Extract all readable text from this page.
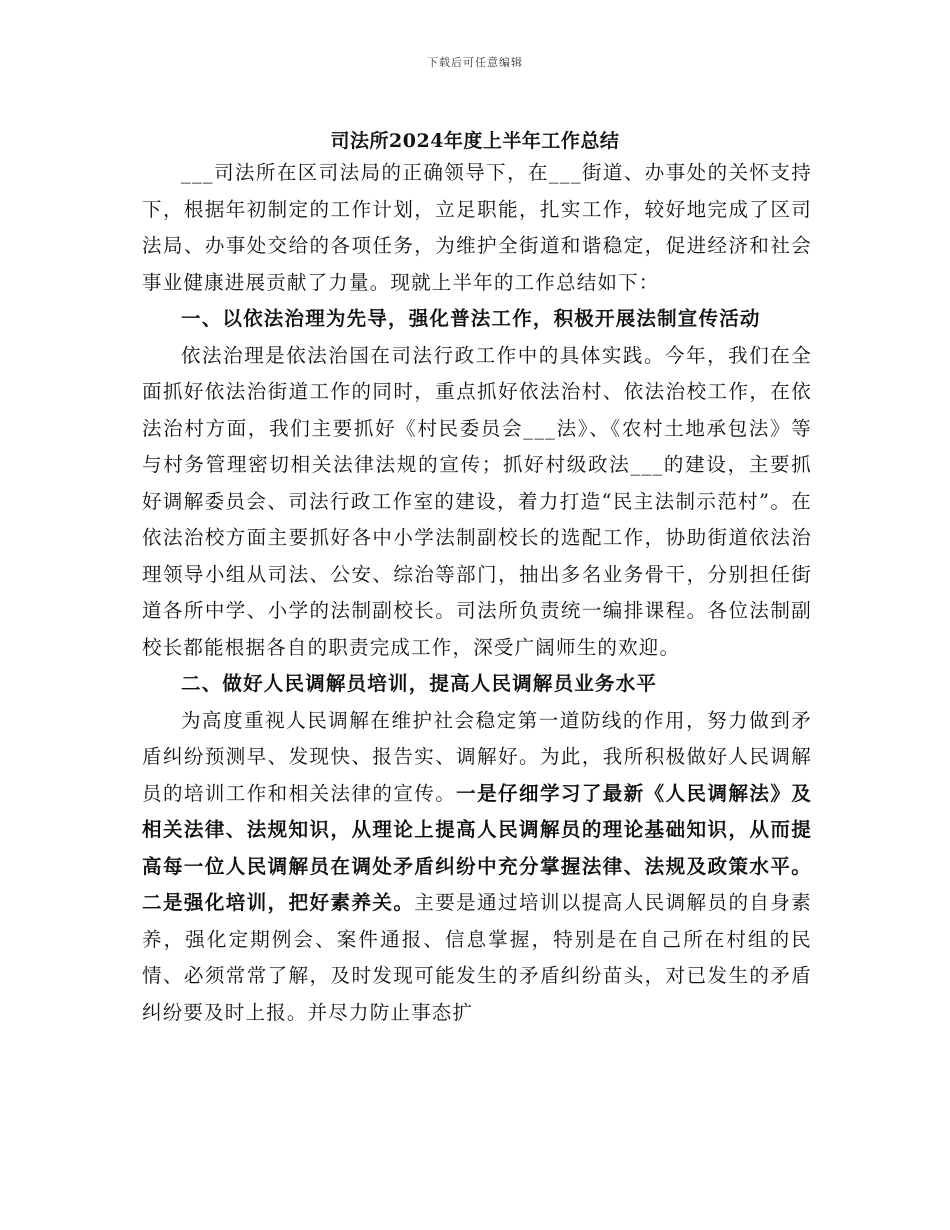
下载后可任意编辑
司法所2024年度上半年工作总结

___司法所在区司法局的正确领导下，在___街道、办事处的关怀支持下，根据年初制定的工作计划，立足职能，扎实工作，较好地完成了区司法局、办事处交给的各项任务，为维护全街道和谐稳定，促进经济和社会事业健康进展贡献了力量。现就上半年的工作总结如下：

一、以依法治理为先导，强化普法工作，积极开展法制宣传活动

依法治理是依法治国在司法行政工作中的具体实践。今年，我们在全面抓好依法治街道工作的同时，重点抓好依法治村、依法治校工作，在依法治村方面，我们主要抓好《村民委员会___法》、《农村土地承包法》等与村务管理密切相关法律法规的宣传；抓好村级政法___的建设，主要抓好调解委员会、司法行政工作室的建设，着力打造“民主法制示范村”。在依法治校方面主要抓好各中小学法制副校长的选配工作，协助街道依法治理领导小组从司法、公安、综治等部门，抽出多名业务骨干，分别担任街道各所中学、小学的法制副校长。司法所负责统一编排课程。各位法制副校长都能根据各自的职责完成工作，深受广阔师生的欢迎。

二、做好人民调解员培训，提高人民调解员业务水平

为高度重视人民调解在维护社会稳定第一道防线的作用，努力做到矛盾纠纷预测早、发现快、报告实、调解好。为此，我所积极做好人民调解员的培训工作和相关法律的宣传。一是仔细学习了最新《人民调解法》及相关法律、法规知识，从理论上提高人民调解员的理论基础知识，从而提高每一位人民调解员在调处矛盾纠纷中充分掌握法律、法规及政策水平。二是强化培训，把好素养关。主要是通过培训以提高人民调解员的自身素养，强化定期例会、案件通报、信息掌握，特别是在自己所在村组的民情、必须常常了解，及时发现可能发生的矛盾纠纷苗头，对已发生的矛盾纠纷要及时上报。并尽力防止事态扩
